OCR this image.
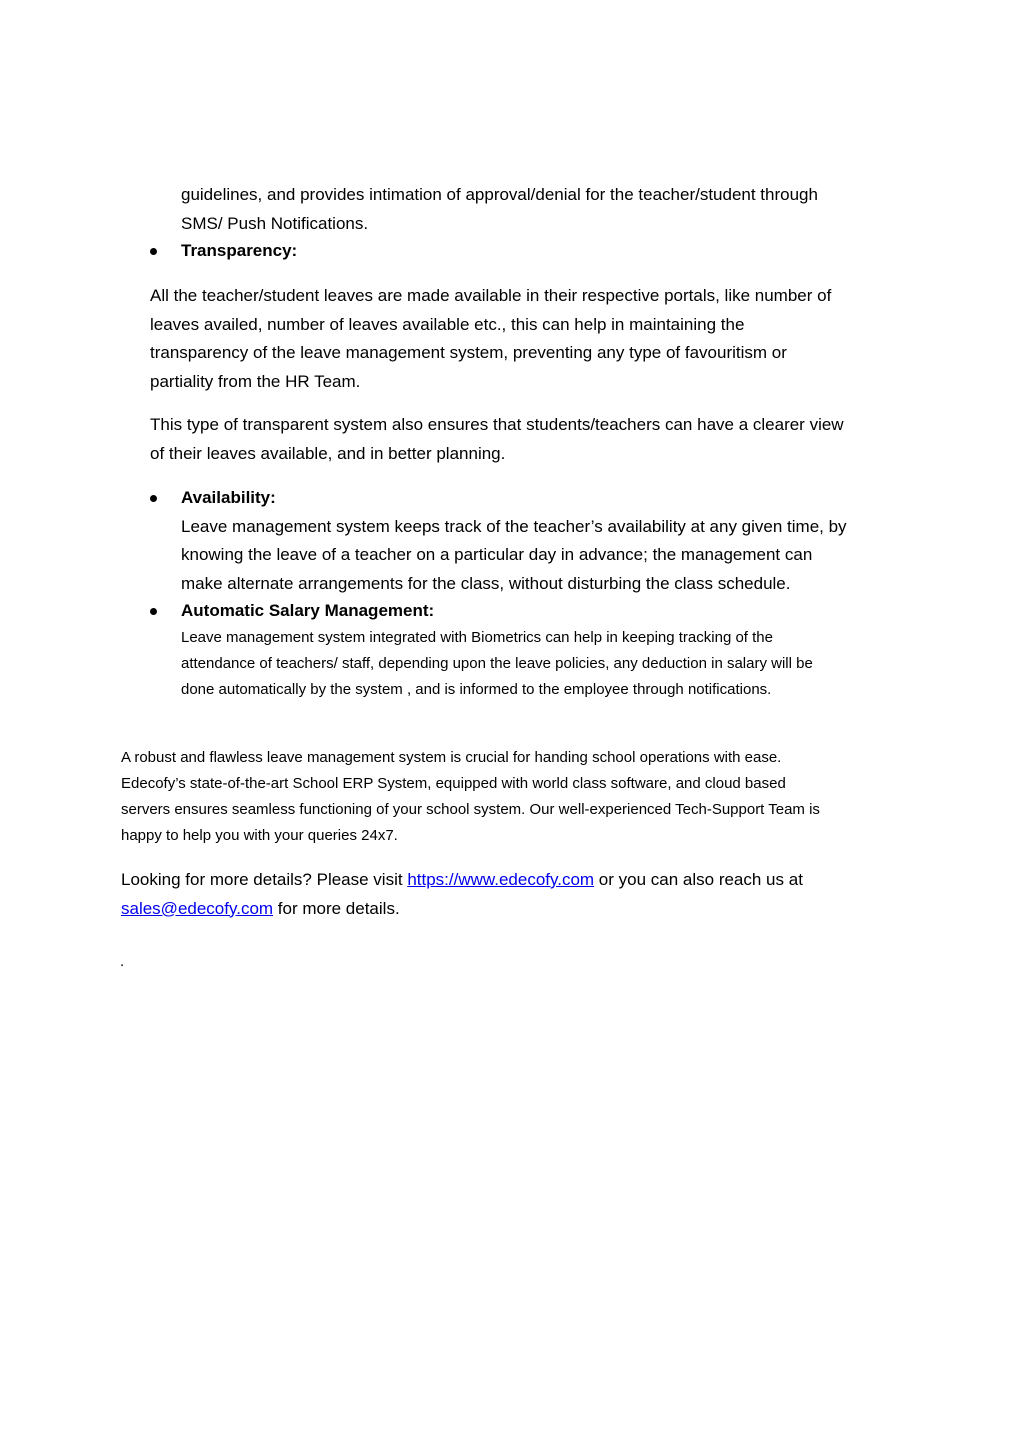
guidelines, and provides intimation of approval/denial for the teacher/student through
SMS/ Push Notifications.
Transparency:
All the teacher/student leaves are made available in their respective portals, like number of
leaves availed, number of leaves available etc., this can help in maintaining the
transparency of the leave management system, preventing any type of favouritism or
partiality from the HR Team.
This type of transparent system also ensures that students/teachers can have a clearer view
of their leaves available, and in better planning.
Availability:
Leave management system keeps track of the teacher’s availability at any given time, by
knowing the leave of a teacher on a particular day in advance; the management can
make alternate arrangements for the class, without disturbing the class schedule.
Automatic Salary Management:
Leave management system integrated with Biometrics can help in keeping tracking of the
attendance of teachers/ staff, depending upon the leave policies, any deduction in salary will be
done automatically by the system , and is informed to the employee through notifications.
A robust and flawless leave management system is crucial for handing school operations with ease.
Edecofy’s state-of-the-art School ERP System, equipped with world class software, and cloud based
servers ensures seamless functioning of your school system. Our well-experienced Tech-Support Team is
happy to help you with your queries 24x7.
Looking for more details? Please visit https://www.edecofy.com or you can also reach us at
sales@edecofy.com for more details.
.
